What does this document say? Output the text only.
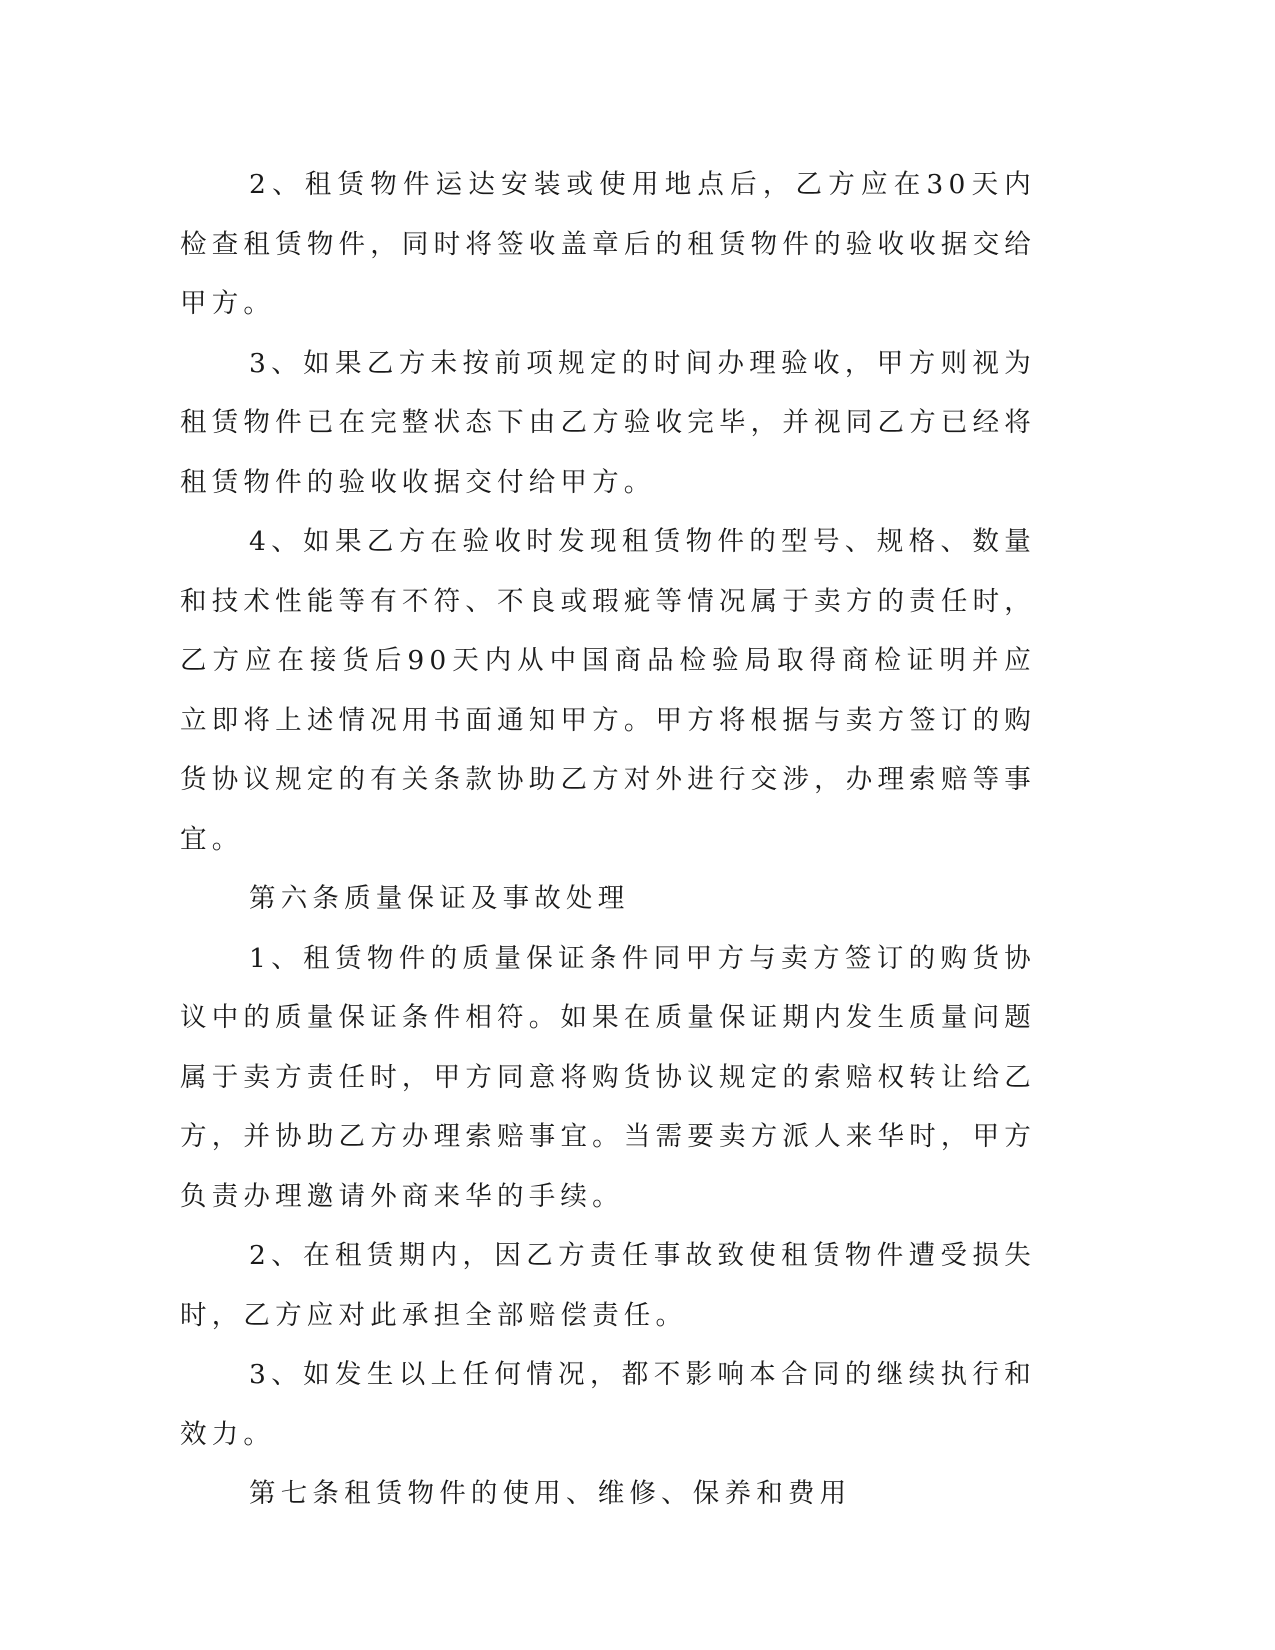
2、租赁物件运达安装或使用地点后，乙方应在30天内检查租赁物件，同时将签收盖章后的租赁物件的验收收据交给甲方。

3、如果乙方未按前项规定的时间办理验收，甲方则视为租赁物件已在完整状态下由乙方验收完毕，并视同乙方已经将租赁物件的验收收据交付给甲方。

4、如果乙方在验收时发现租赁物件的型号、规格、数量和技术性能等有不符、不良或瑕疵等情况属于卖方的责任时，乙方应在接货后90天内从中国商品检验局取得商检证明并应立即将上述情况用书面通知甲方。甲方将根据与卖方签订的购货协议规定的有关条款协助乙方对外进行交涉，办理索赔等事宜。

第六条质量保证及事故处理

1、租赁物件的质量保证条件同甲方与卖方签订的购货协议中的质量保证条件相符。如果在质量保证期内发生质量问题属于卖方责任时，甲方同意将购货协议规定的索赔权转让给乙方，并协助乙方办理索赔事宜。当需要卖方派人来华时，甲方负责办理邀请外商来华的手续。

2、在租赁期内，因乙方责任事故致使租赁物件遭受损失时，乙方应对此承担全部赔偿责任。

3、如发生以上任何情况，都不影响本合同的继续执行和效力。

第七条租赁物件的使用、维修、保养和费用
